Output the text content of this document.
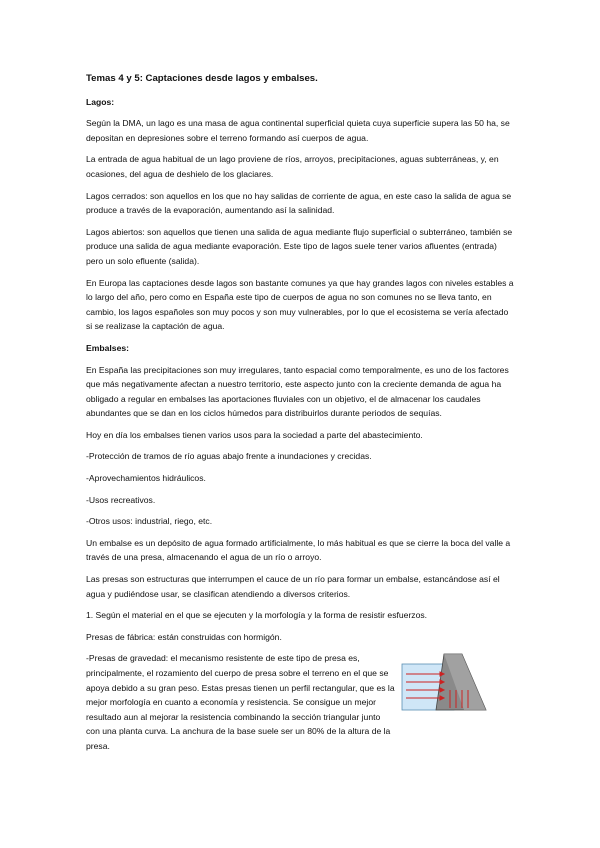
Temas 4 y 5: Captaciones desde lagos y embalses.

Lagos:

Según la DMA, un lago es una masa de agua continental superficial quieta cuya superficie supera las 50 ha, se depositan en depresiones sobre el terreno formando así cuerpos de agua.

La entrada de agua habitual de un lago proviene de ríos, arroyos, precipitaciones, aguas subterráneas, y, en ocasiones, del agua de deshielo de los glaciares.

Lagos cerrados: son aquellos en los que no hay salidas de corriente de agua, en este caso la salida de agua se produce a través de la evaporación, aumentando así la salinidad.

Lagos abiertos: son aquellos que tienen una salida de agua mediante flujo superficial o subterráneo, también se produce una salida de agua mediante evaporación. Este tipo de lagos suele tener varios afluentes (entrada) pero un solo efluente (salida).

En Europa las captaciones desde lagos son bastante comunes ya que hay grandes lagos con niveles estables a lo largo del año, pero como en España este tipo de cuerpos de agua no son comunes no se lleva tanto, en cambio, los lagos españoles son muy pocos y son muy vulnerables, por lo que el ecosistema se vería afectado si se realizase la captación de agua.

Embalses:

En España las precipitaciones son muy irregulares, tanto espacial como temporalmente, es uno de los factores que más negativamente afectan a nuestro territorio, este aspecto junto con la creciente demanda de agua ha obligado a regular en embalses las aportaciones fluviales con un objetivo, el de almacenar los caudales abundantes que se dan en los ciclos húmedos para distribuirlos durante periodos de sequías.

Hoy en día los embalses tienen varios usos para la sociedad a parte del abastecimiento.

-Protección de tramos de río aguas abajo frente a inundaciones y crecidas.

-Aprovechamientos hidráulicos.

-Usos recreativos.

-Otros usos: industrial, riego, etc.

Un embalse es un depósito de agua formado artificialmente, lo más habitual es que se cierre la boca del valle a través de una presa, almacenando el agua de un río o arroyo.

Las presas son estructuras que interrumpen el cauce de un río para formar un embalse, estancándose así el agua y pudiéndose usar, se clasifican atendiendo a diversos criterios.

1. Según el material en el que se ejecuten y la morfología y la forma de resistir esfuerzos.

Presas de fábrica: están construidas con hormigón.

-Presas de gravedad: el mecanismo resistente de este tipo de presa es, principalmente, el rozamiento del cuerpo de presa sobre el terreno en el que se apoya debido a su gran peso. Estas presas tienen un perfil rectangular, que es la mejor morfología en cuanto a economía y resistencia. Se consigue un mejor resultado aun al mejorar la resistencia combinando la sección triangular junto con una planta curva. La anchura de la base suele ser un 80% de la altura de la presa.
